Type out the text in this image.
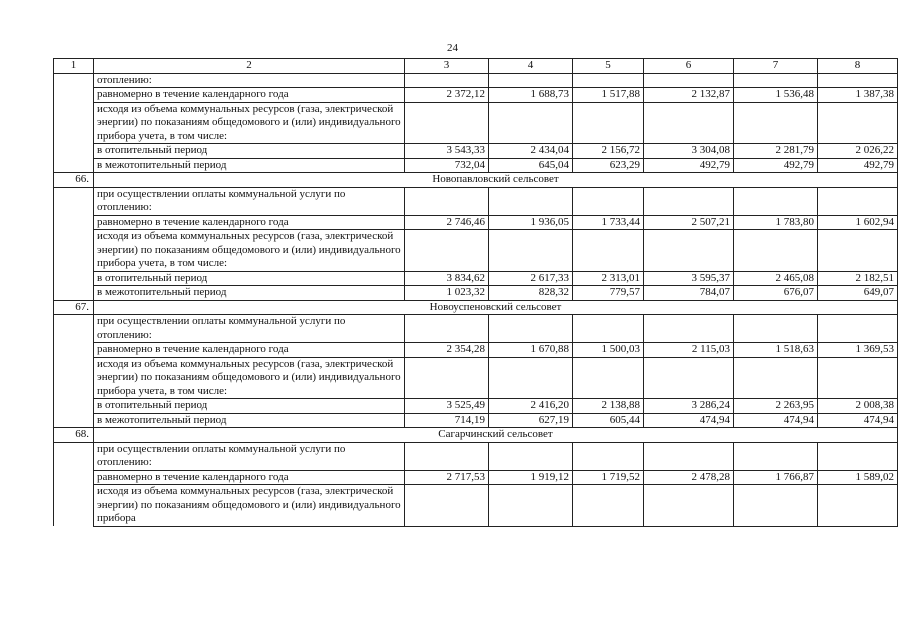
24
1	2	3	4	5	6	7	8
	отоплению:						
	равномерно в течение календарного года	2 372,12	1 688,73	1 517,88	2 132,87	1 536,48	1 387,38
	исходя из объема коммунальных ресурсов (газа, электрической энергии) по показаниям общедомового и (или) индивидуального прибора учета, в том числе:						
	в отопительный период	3 543,33	2 434,04	2 156,72	3 304,08	2 281,79	2 026,22
	в межотопительный период	732,04	645,04	623,29	492,79	492,79	492,79
66.	Новопавловский сельсовет						
	при осуществлении оплаты коммунальной услуги по отоплению:						
	равномерно в течение календарного года	2 746,46	1 936,05	1 733,44	2 507,21	1 783,80	1 602,94
	исходя из объема коммунальных ресурсов (газа, электрической энергии) по показаниям общедомового и (или) индивидуального прибора учета, в том числе:						
	в отопительный период	3 834,62	2 617,33	2 313,01	3 595,37	2 465,08	2 182,51
	в межотопительный период	1 023,32	828,32	779,57	784,07	676,07	649,07
67.	Новоуспеновский сельсовет						
	при осуществлении оплаты коммунальной услуги по отоплению:						
	равномерно в течение календарного года	2 354,28	1 670,88	1 500,03	2 115,03	1 518,63	1 369,53
	исходя из объема коммунальных ресурсов (газа, электрической энергии) по показаниям общедомового и (или) индивидуального прибора учета, в том числе:						
	в отопительный период	3 525,49	2 416,20	2 138,88	3 286,24	2 263,95	2 008,38
	в межотопительный период	714,19	627,19	605,44	474,94	474,94	474,94
68.	Сагарчинский сельсовет						
	при осуществлении оплаты коммунальной услуги по отоплению:						
	равномерно в течение календарного года	2 717,53	1 919,12	1 719,52	2 478,28	1 766,87	1 589,02
	исходя из объема коммунальных ресурсов (газа, электрической энергии) по показаниям общедомового и (или) индивидуального прибора						
